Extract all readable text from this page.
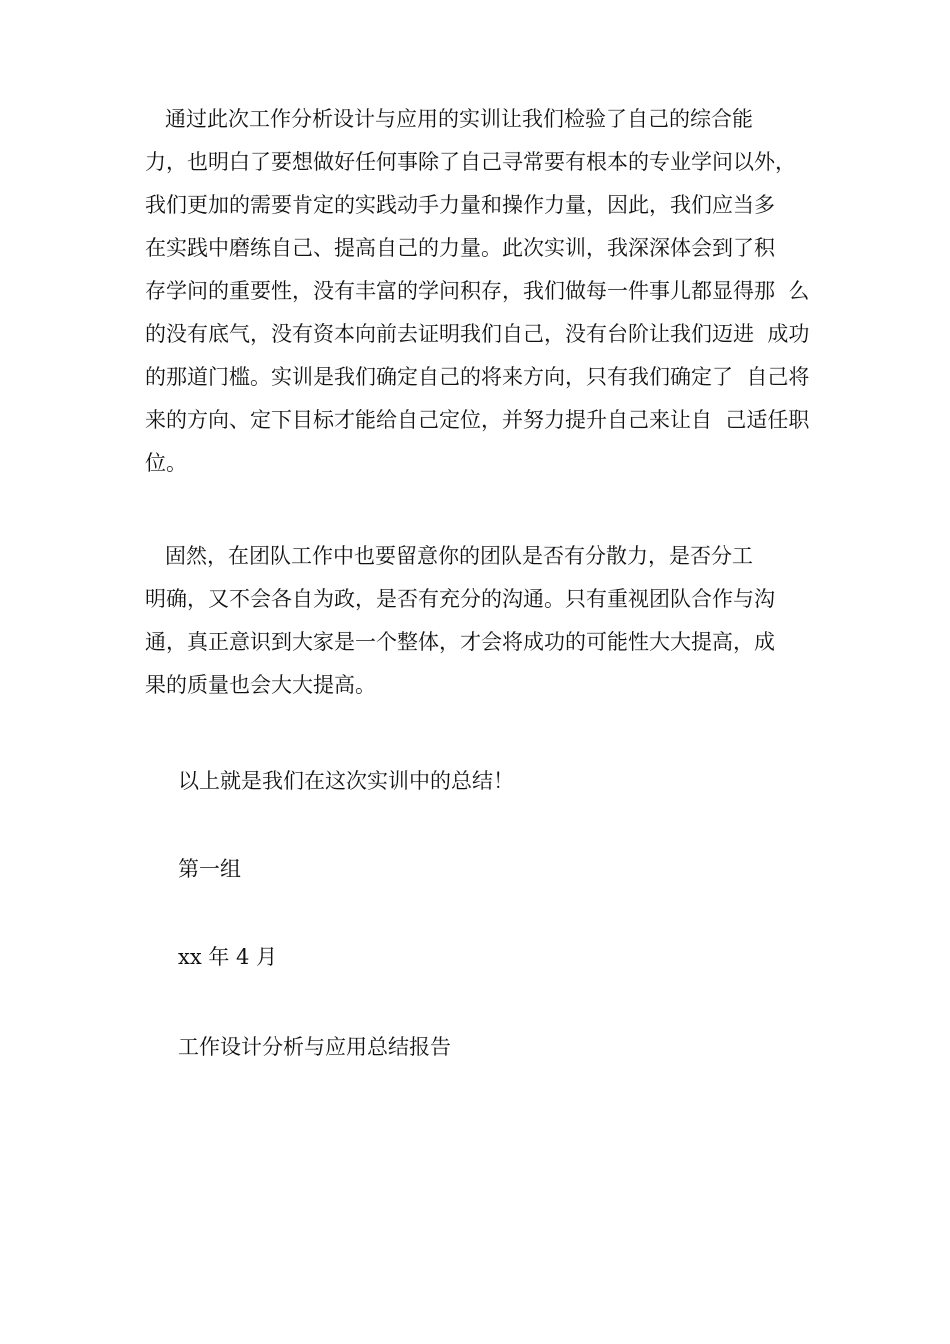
通过此次工作分析设计与应用的实训让我们检验了自己的综合能
力，也明白了要想做好任何事除了自己寻常要有根本的专业学问以外，
我们更加的需要肯定的实践动手力量和操作力量，因此，我们应当多
在实践中磨练自己、提高自己的力量。此次实训，我深深体会到了积
存学问的重要性，没有丰富的学问积存，我们做每一件事儿都显得那  么
的没有底气，没有资本向前去证明我们自己，没有台阶让我们迈进  成功
的那道门槛。实训是我们确定自己的将来方向，只有我们确定了  自己将
来的方向、定下目标才能给自己定位，并努力提升自己来让自  己适任职
位。
固然，在团队工作中也要留意你的团队是否有分散力，是否分工
明确，又不会各自为政，是否有充分的沟通。只有重视团队合作与沟
通，真正意识到大家是一个整体，才会将成功的可能性大大提高，成
果的质量也会大大提高。

以上就是我们在这次实训中的总结！

第一组

xx 年 4 月

工作设计分析与应用总结报告
